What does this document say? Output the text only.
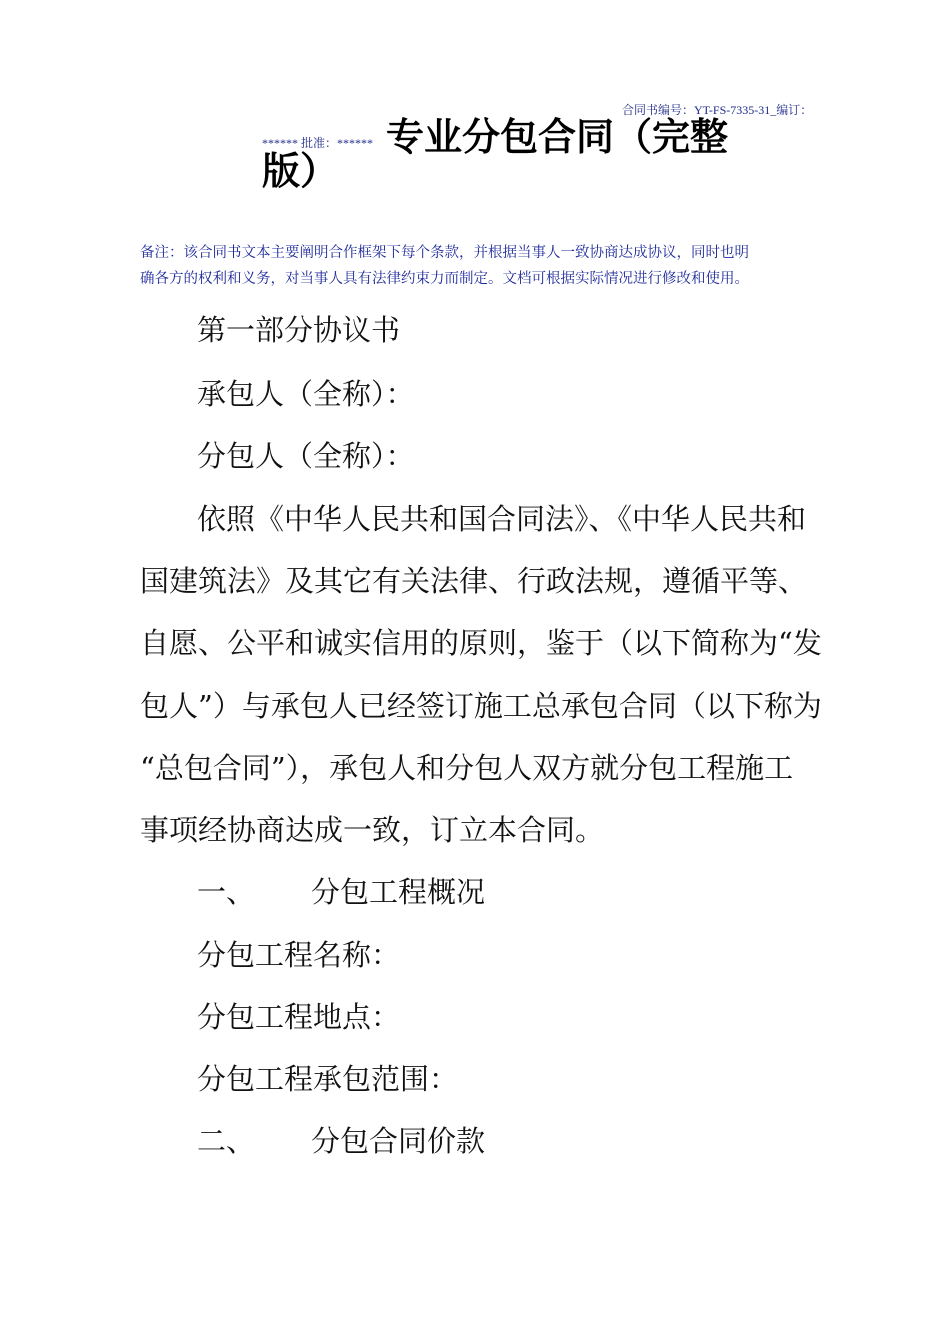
合同书编号：YT-FS-7335-31_编订：
****** 批准：****** 专业分包合同（完整
版）
备注：该合同书文本主要阐明合作框架下每个条款，并根据当事人一致协商达成协议，同时也明
确各方的权利和义务，对当事人具有法律约束力而制定。文档可根据实际情况进行修改和使用。
第一部分协议书
承包人（全称）：
分包人（全称）：
依照《中华人民共和国合同法》、《中华人民共和
国建筑法》及其它有关法律、行政法规，遵循平等、
自愿、公平和诚实信用的原则，鉴于（以下简称为“发
包人”）与承包人已经签订施工总承包合同（以下称为
“总包合同”），承包人和分包人双方就分包工程施工
事项经协商达成一致，订立本合同。
一、 分包工程概况
分包工程名称：
分包工程地点：
分包工程承包范围：
二、 分包合同价款
